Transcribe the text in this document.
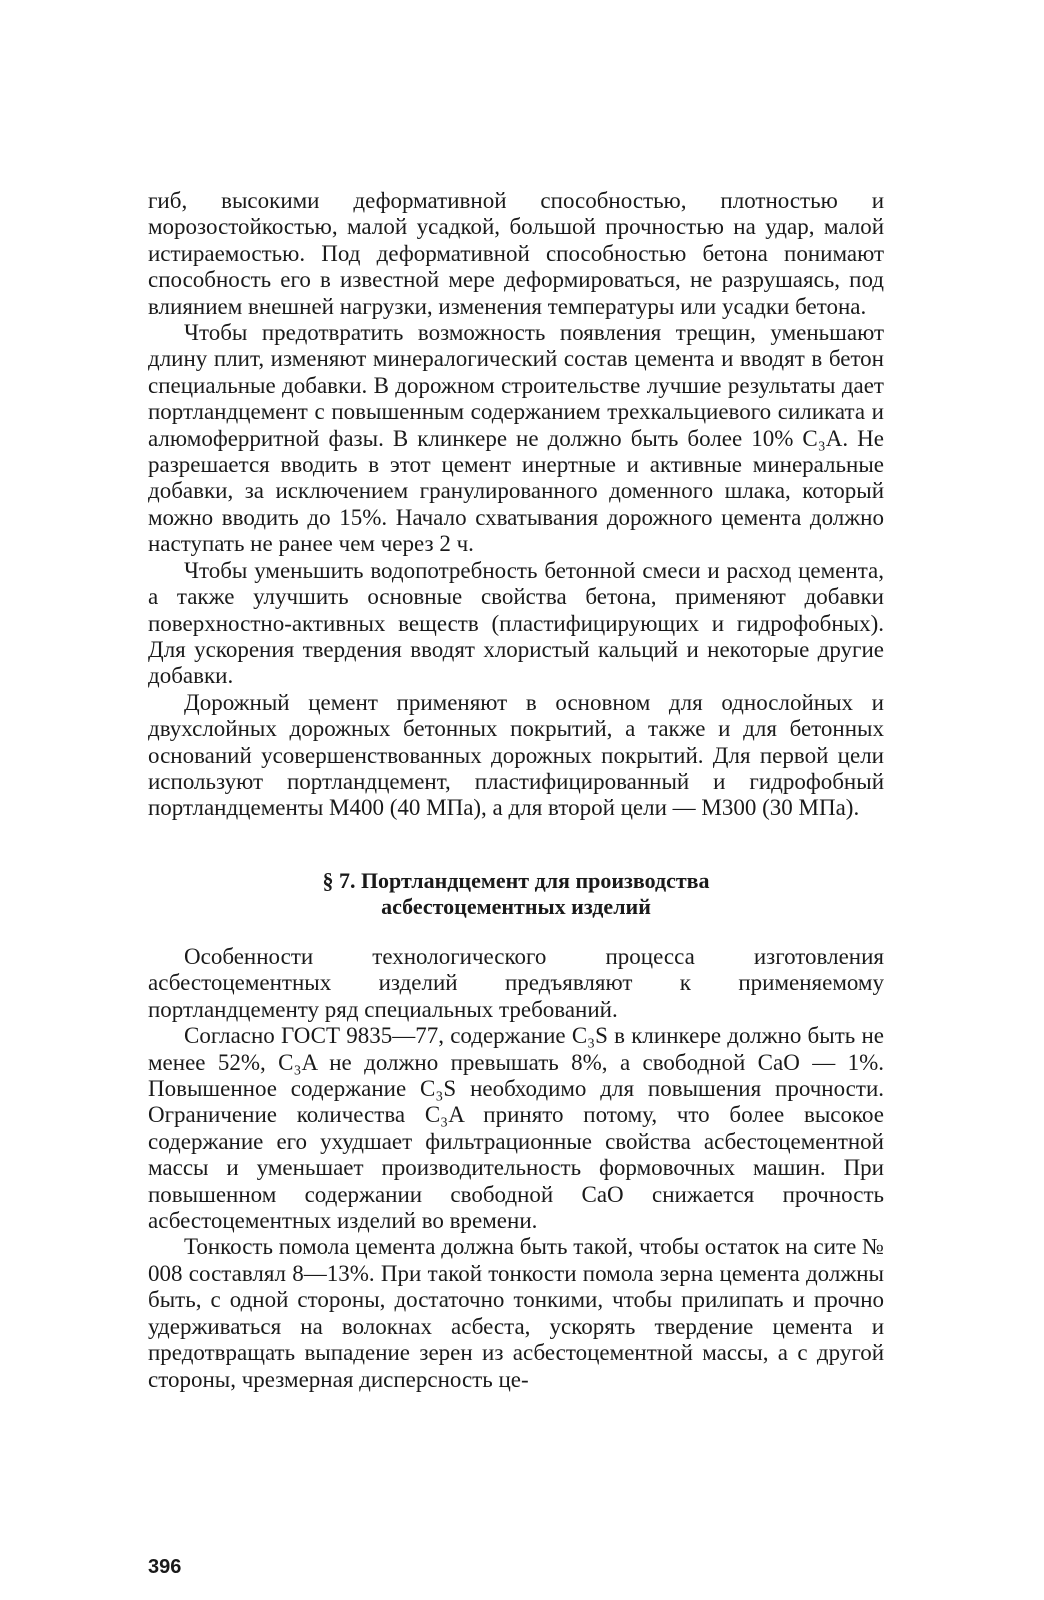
гиб, высокими деформативной способностью, плотностью и морозостойкостью, малой усадкой, большой прочностью на удар, малой истираемостью. Под деформативной способностью бетона понимают способность его в известной мере деформироваться, не разрушаясь, под влиянием внешней нагрузки, изменения температуры или усадки бетона.

Чтобы предотвратить возможность появления трещин, уменьшают длину плит, изменяют минералогический состав цемента и вводят в бетон специальные добавки. В дорожном строительстве лучшие результаты дает портландцемент с повышенным содержанием трехкальциевого силиката и алюмоферритной фазы. В клинкере не должно быть более 10% C₃A. Не разрешается вводить в этот цемент инертные и активные минеральные добавки, за исключением гранулированного доменного шлака, который можно вводить до 15%. Начало схватывания дорожного цемента должно наступать не ранее чем через 2 ч.

Чтобы уменьшить водопотребность бетонной смеси и расход цемента, а также улучшить основные свойства бетона, применяют добавки поверхностно-активных веществ (пластифицирующих и гидрофобных). Для ускорения твердения вводят хлористый кальций и некоторые другие добавки.

Дорожный цемент применяют в основном для однослойных и двухслойных дорожных бетонных покрытий, а также и для бетонных оснований усовершенствованных дорожных покрытий. Для первой цели используют портландцемент, пластифицированный и гидрофобный портландцементы М400 (40 МПа), а для второй цели — М300 (30 МПа).

§ 7. Портландцемент для производства
асбестоцементных изделий

Особенности технологического процесса изготовления асбестоцементных изделий предъявляют к применяемому портландцементу ряд специальных требований.

Согласно ГОСТ 9835—77, содержание C₃S в клинкере должно быть не менее 52%, C₃A не должно превышать 8%, а свободной CaO — 1%. Повышенное содержание C₃S необходимо для повышения прочности. Ограничение количества C₃A принято потому, что более высокое содержание его ухудшает фильтрационные свойства асбестоцементной массы и уменьшает производительность формовочных машин. При повышенном содержании свободной CaO снижается прочность асбестоцементных изделий во времени.

Тонкость помола цемента должна быть такой, чтобы остаток на сите № 008 составлял 8—13%. При такой тонкости помола зерна цемента должны быть, с одной стороны, достаточно тонкими, чтобы прилипать и прочно удерживаться на волокнах асбеста, ускорять твердение цемента и предотвращать выпадение зерен из асбестоцементной массы, а с другой стороны, чрезмерная дисперсность це-

396
